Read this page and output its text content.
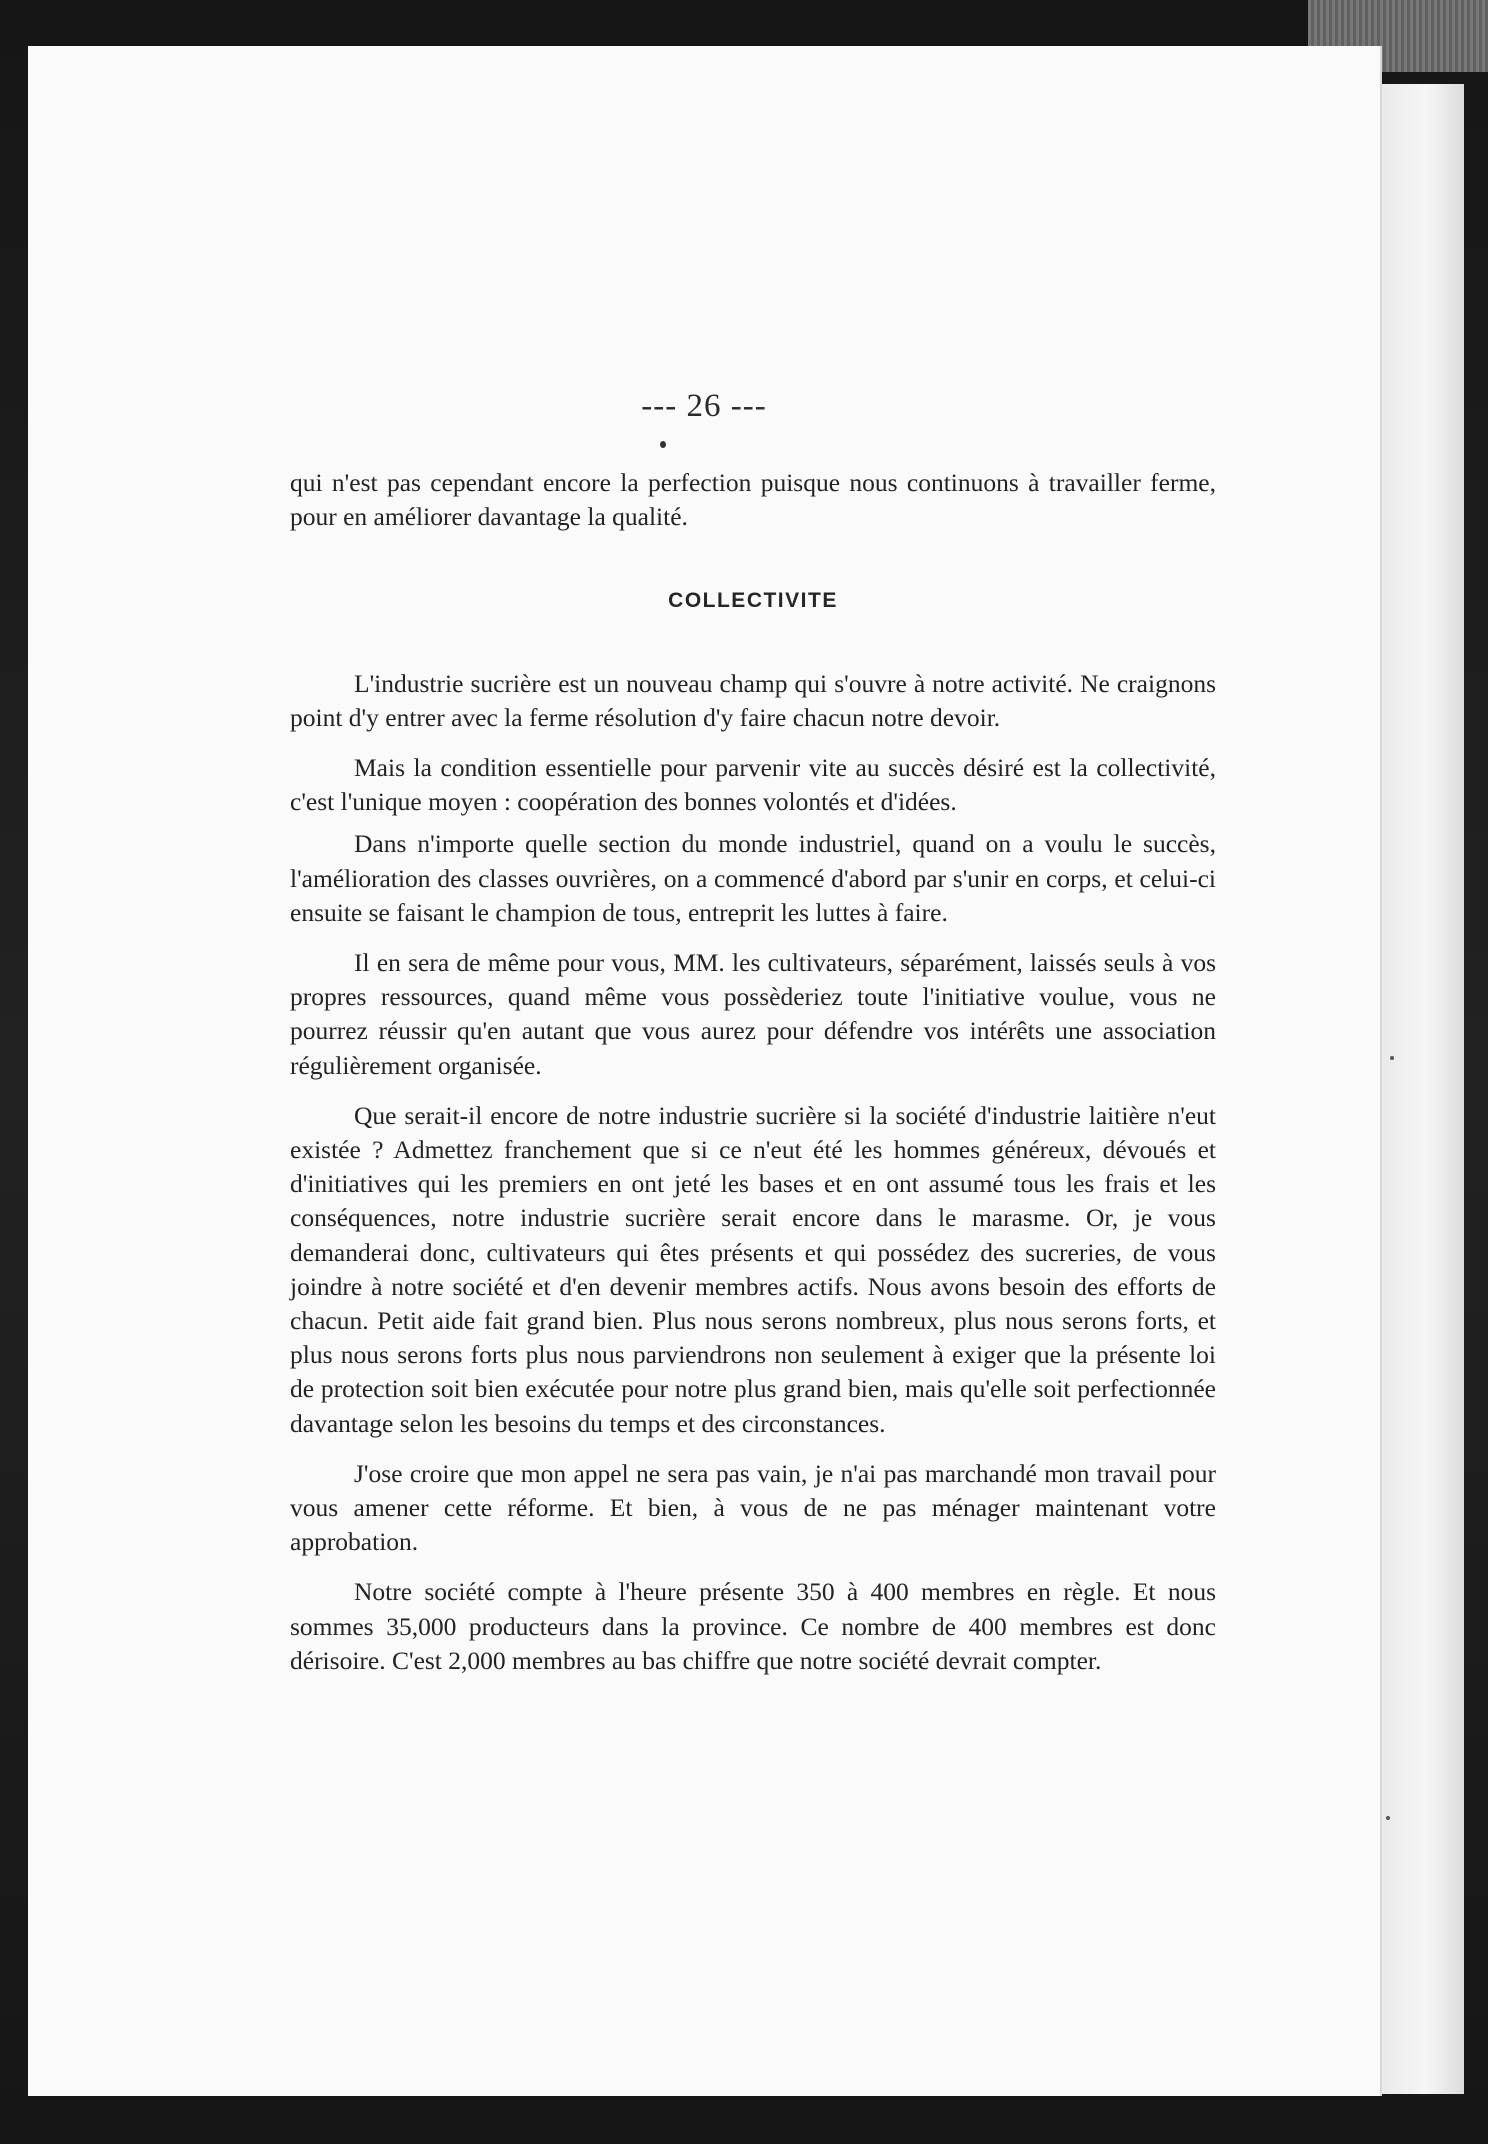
--- 26 ---

qui n'est pas cependant encore la perfection puisque nous continuons à travailler ferme, pour en améliorer davantage la qualité.

COLLECTIVITE

L'industrie sucrière est un nouveau champ qui s'ouvre à notre activité. Ne craignons point d'y entrer avec la ferme résolution d'y faire chacun notre devoir.

Mais la condition essentielle pour parvenir vite au succès désiré est la collectivité, c'est l'unique moyen : coopération des bonnes volontés et d'idées.

Dans n'importe quelle section du monde industriel, quand on a voulu le succès, l'amélioration des classes ouvrières, on a commencé d'abord par s'unir en corps, et celui-ci ensuite se faisant le champion de tous, entreprit les luttes à faire.

Il en sera de même pour vous, MM. les cultivateurs, séparément, laissés seuls à vos propres ressources, quand même vous possèderiez toute l'initiative voulue, vous ne pourrez réussir qu'en autant que vous aurez pour défendre vos intérêts une association régulièrement organisée.

Que serait-il encore de notre industrie sucrière si la société d'industrie laitière n'eut existée ? Admettez franchement que si ce n'eut été les hommes généreux, dévoués et d'initiatives qui les premiers en ont jeté les bases et en ont assumé tous les frais et les conséquences, notre industrie sucrière serait encore dans le marasme. Or, je vous demanderai donc, cultivateurs qui êtes présents et qui possédez des sucreries, de vous joindre à notre société et d'en devenir membres actifs. Nous avons besoin des efforts de chacun. Petit aide fait grand bien. Plus nous serons nombreux, plus nous serons forts, et plus nous serons forts plus nous parviendrons non seulement à exiger que la présente loi de protection soit bien exécutée pour notre plus grand bien, mais qu'elle soit perfectionnée davantage selon les besoins du temps et des circonstances.

J'ose croire que mon appel ne sera pas vain, je n'ai pas marchandé mon travail pour vous amener cette réforme. Et bien, à vous de ne pas ménager maintenant votre approbation.

Notre société compte à l'heure présente 350 à 400 membres en règle. Et nous sommes 35,000 producteurs dans la province. Ce nombre de 400 membres est donc dérisoire. C'est 2,000 membres au bas chiffre que notre société devrait compter.
